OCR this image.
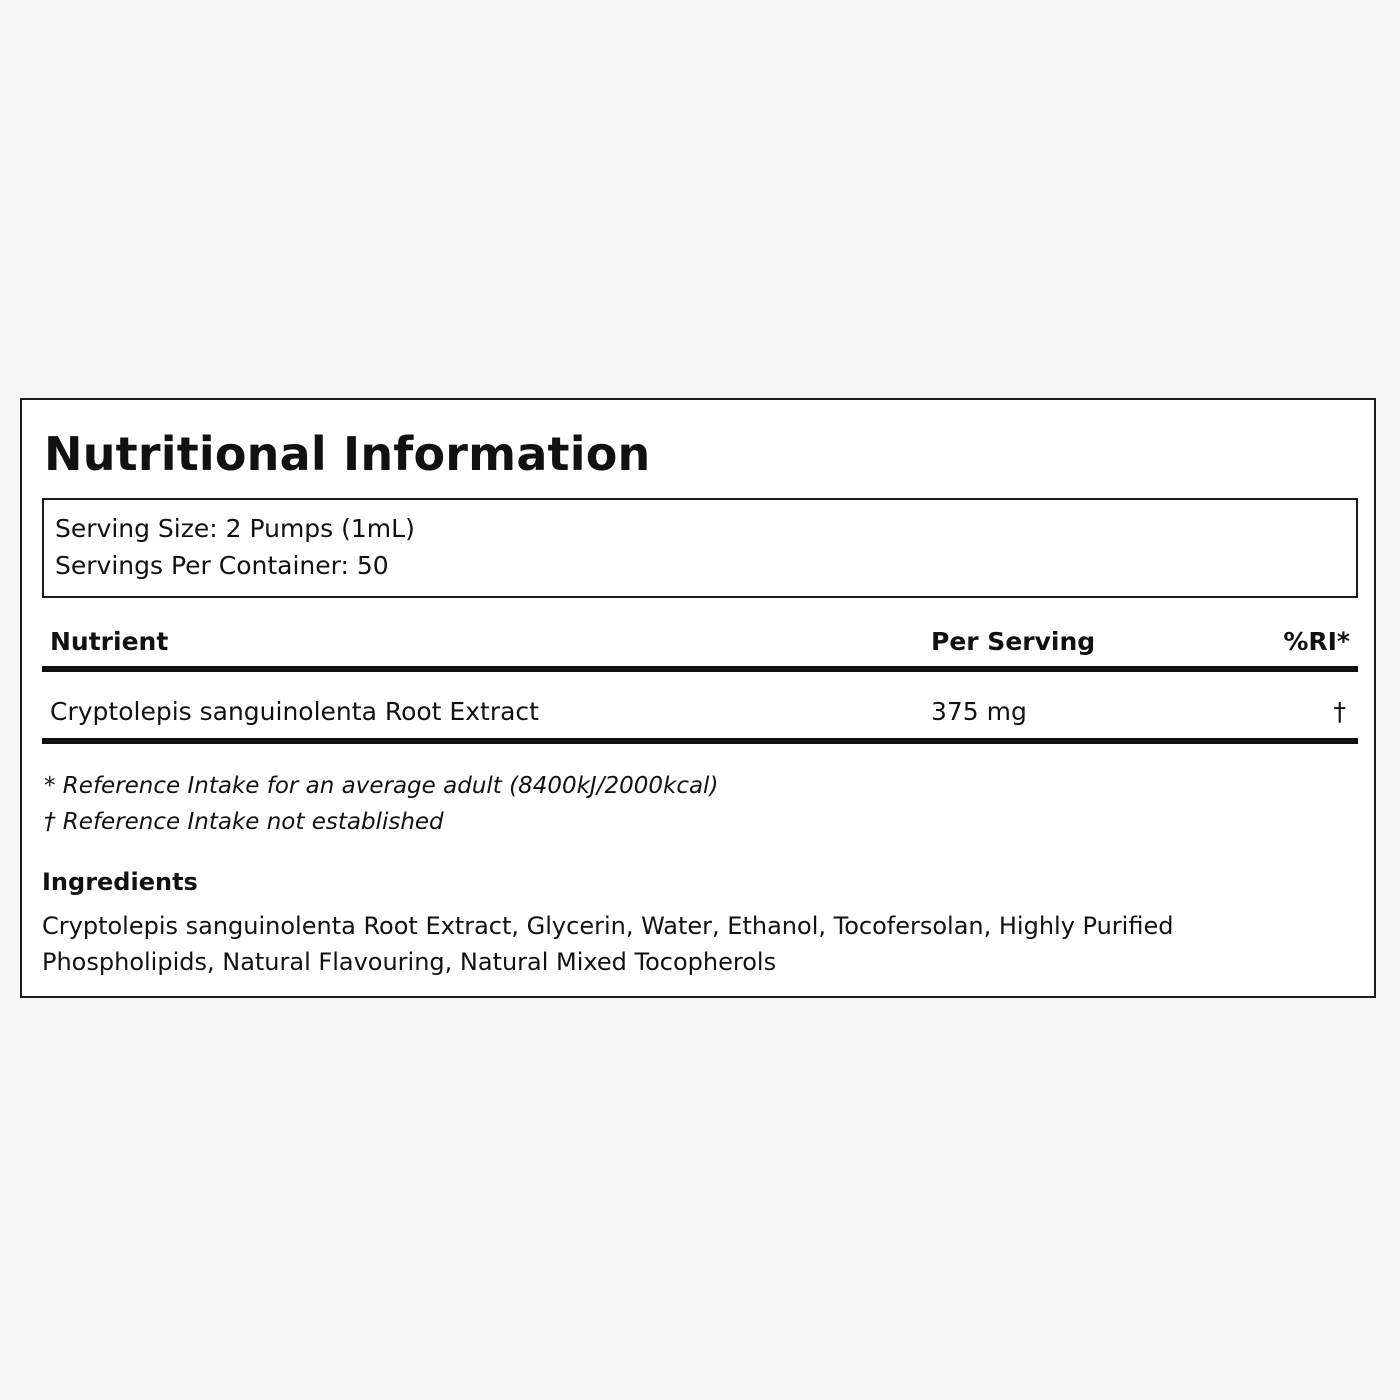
Nutritional Information
Serving Size: 2 Pumps (1mL)
Servings Per Container: 50
Nutrient	Per Serving	%RI*
Cryptolepis sanguinolenta Root Extract	375 mg	†
* Reference Intake for an average adult (8400kJ/2000kcal)
† Reference Intake not established
Ingredients
Cryptolepis sanguinolenta Root Extract, Glycerin, Water, Ethanol, Tocofersolan, Highly Purified Phospholipids, Natural Flavouring, Natural Mixed Tocopherols
